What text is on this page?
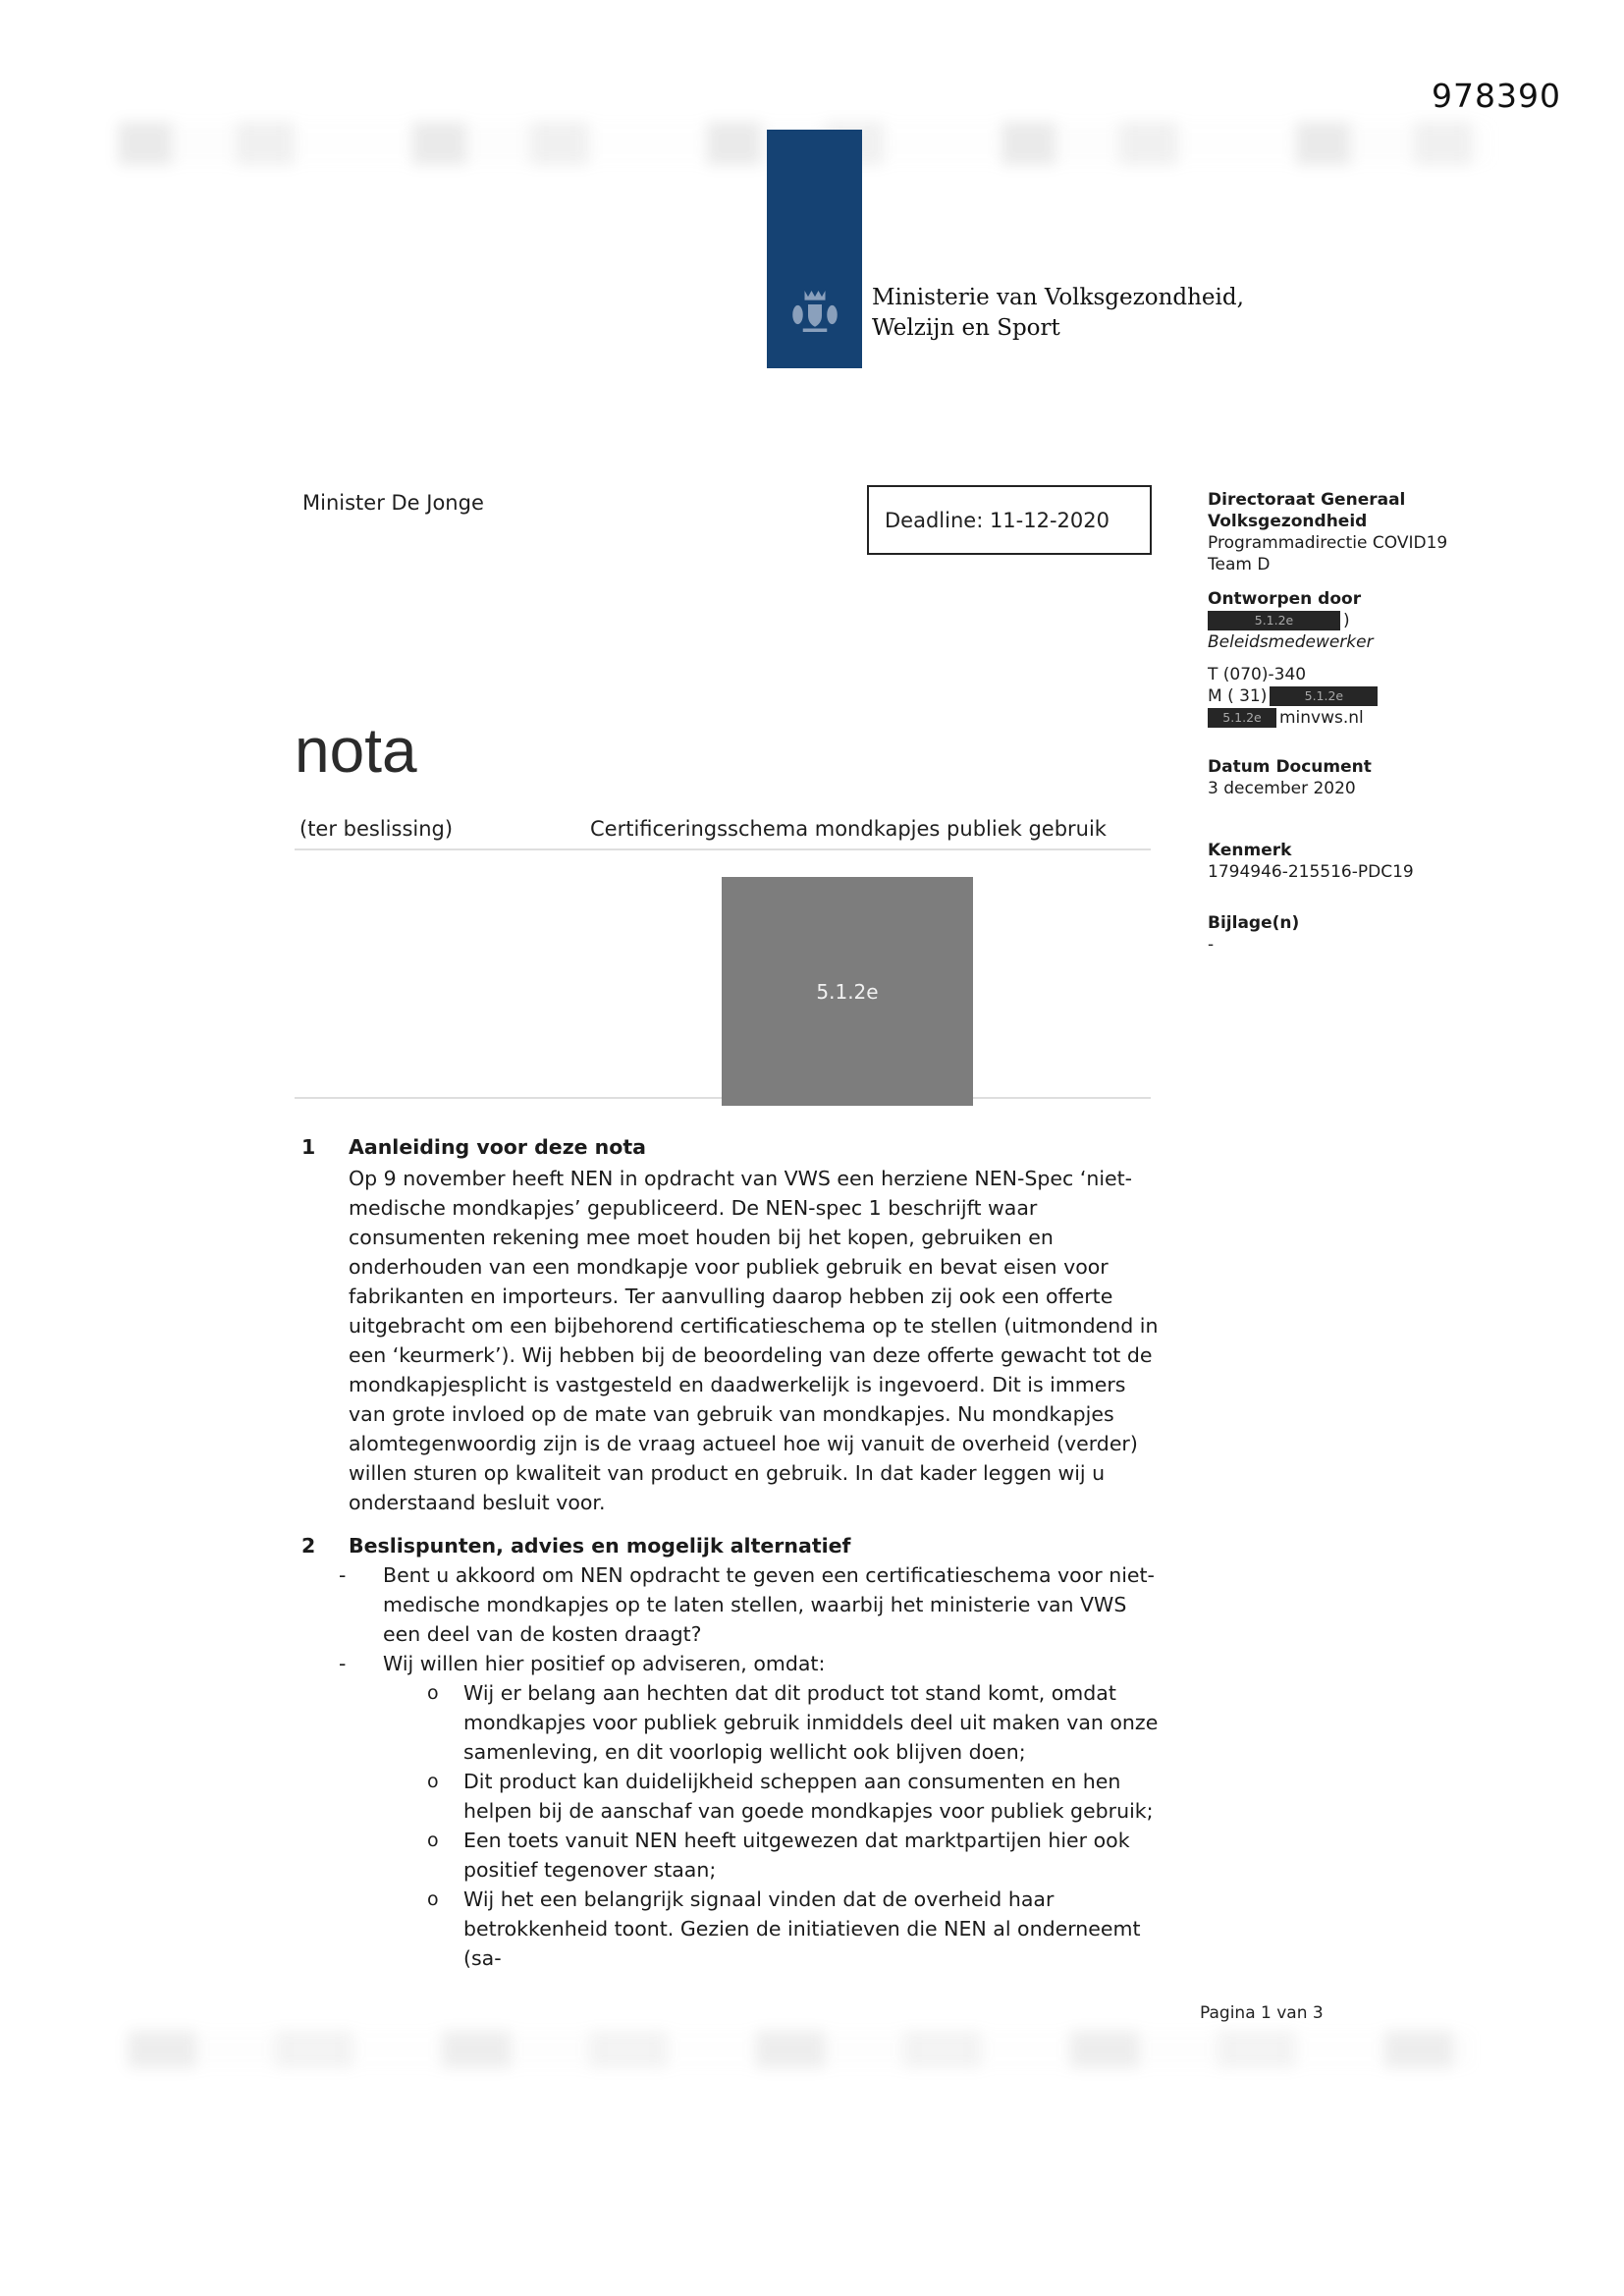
978390
Ministerie van Volksgezondheid,
Welzijn en Sport
Minister De Jonge
Deadline: 11-12-2020
Directoraat Generaal
Volksgezondheid
Programmadirectie COVID19
Team D
Ontworpen door
5.1.2e	)
Beleidsmedewerker
T (070)-340
M ( 31)	5.1.2e
5.1.2e minvws.nl
Datum Document
3 december 2020
Kenmerk
1794946-215516-PDC19
Bijlage(n)
-
nota
(ter beslissing)	Certificeringsschema mondkapjes publiek gebruik
5.1.2e
1	Aanleiding voor deze nota

Op 9 november heeft NEN in opdracht van VWS een herziene NEN-Spec ‘niet-medische mondkapjes’ gepubliceerd. De NEN-spec 1 beschrijft waar consumenten rekening mee moet houden bij het kopen, gebruiken en onderhouden van een mondkapje voor publiek gebruik en bevat eisen voor fabrikanten en importeurs. Ter aanvulling daarop hebben zij ook een offerte uitgebracht om een bijbehorend certificatieschema op te stellen (uitmondend in een ‘keurmerk’). Wij hebben bij de beoordeling van deze offerte gewacht tot de mondkapjesplicht is vastgesteld en daadwerkelijk is ingevoerd. Dit is immers van grote invloed op de mate van gebruik van mondkapjes. Nu mondkapjes alomtegenwoordig zijn is de vraag actueel hoe wij vanuit de overheid (verder) willen sturen op kwaliteit van product en gebruik. In dat kader leggen wij u onderstaand besluit voor.

2	Beslispunten, advies en mogelijk alternatief
-	Bent u akkoord om NEN opdracht te geven een certificatieschema voor niet-medische mondkapjes op te laten stellen, waarbij het ministerie van VWS een deel van de kosten draagt?
-	Wij willen hier positief op adviseren, omdat:
o	Wij er belang aan hechten dat dit product tot stand komt, omdat mondkapjes voor publiek gebruik inmiddels deel uit maken van onze samenleving, en dit voorlopig wellicht ook blijven doen;
o	Dit product kan duidelijkheid scheppen aan consumenten en hen helpen bij de aanschaf van goede mondkapjes voor publiek gebruik;
o	Een toets vanuit NEN heeft uitgewezen dat marktpartijen hier ook positief tegenover staan;
o	Wij het een belangrijk signaal vinden dat de overheid haar betrokkenheid toont. Gezien de initiatieven die NEN al onderneemt (sa-
Pagina 1 van 3
